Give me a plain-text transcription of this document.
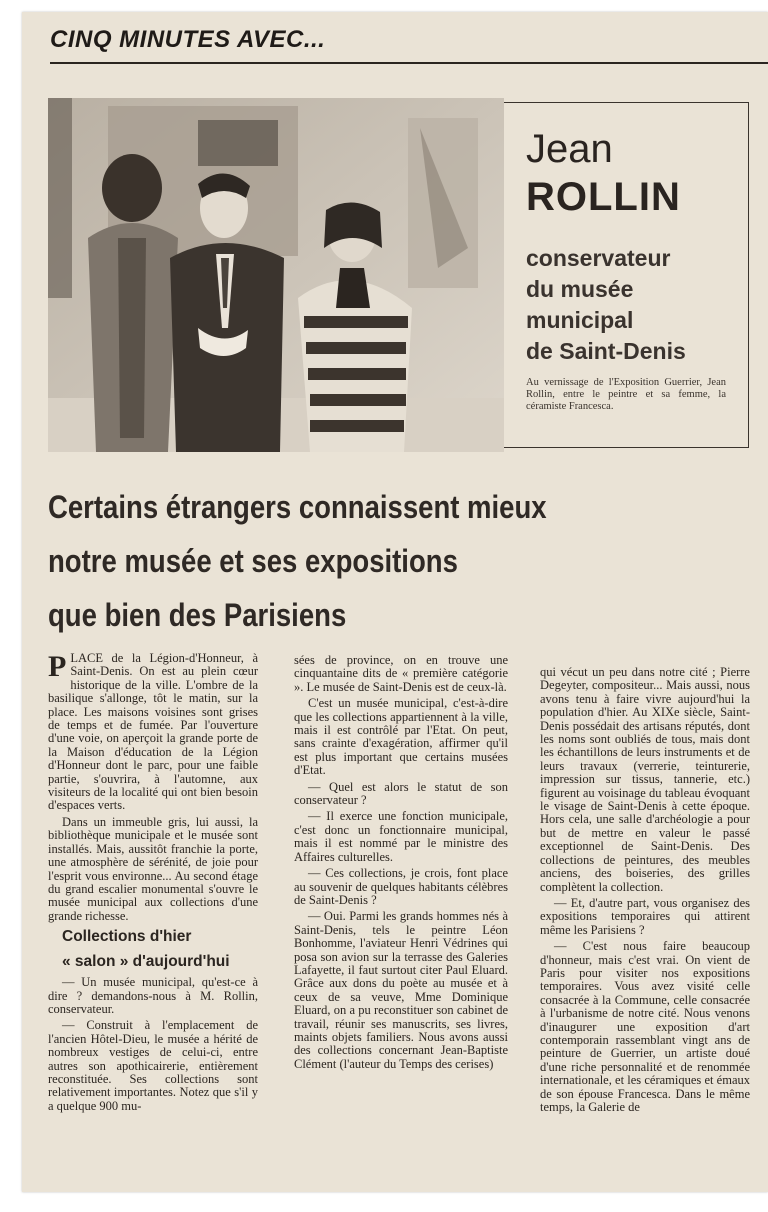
CINQ MINUTES AVEC...
Jean
ROLLIN
conservateur
du musée
municipal
de Saint-Denis
Au vernissage de l'Exposition Guerrier, Jean Rollin, entre le peintre et sa femme, la céramiste Francesca.
Certains étrangers connaissent mieux
notre musée et ses expositions
que bien des Parisiens

PLACE de la Légion-d'Honneur, à Saint-Denis. On est au plein cœur historique de la ville. L'ombre de la basilique s'allonge, tôt le matin, sur la place. Les maisons voisines sont grises de temps et de fumée. Par l'ouverture d'une voie, on aperçoit la grande porte de la Maison d'éducation de la Légion d'Honneur dont le parc, pour une faible partie, s'ouvrira, à l'automne, aux visiteurs de la localité qui ont bien besoin d'espaces verts.

Dans un immeuble gris, lui aussi, la bibliothèque municipale et le musée sont installés. Mais, aussitôt franchie la porte, une atmosphère de sérénité, de joie pour l'esprit vous environne... Au second étage du grand escalier monumental s'ouvre le musée municipal aux collections d'une grande richesse.

Collections d'hier

« salon » d'aujourd'hui

— Un musée municipal, qu'est-ce à dire ? demandons-nous à M. Rollin, conservateur.

— Construit à l'emplacement de l'ancien Hôtel-Dieu, le musée a hérité de nombreux vestiges de celui-ci, entre autres son apothicairerie, entièrement reconstituée. Ses collections sont relativement importantes. Notez que s'il y a quelque 900 mu-

sées de province, on en trouve une cinquantaine dits de « première catégorie ». Le musée de Saint-Denis est de ceux-là.

C'est un musée municipal, c'est-à-dire que les collections appartiennent à la ville, mais il est contrôlé par l'Etat. On peut, sans crainte d'exagération, affirmer qu'il est plus important que certains musées d'Etat.

— Quel est alors le statut de son conservateur ?

— Il exerce une fonction municipale, c'est donc un fonctionnaire municipal, mais il est nommé par le ministre des Affaires culturelles.

— Ces collections, je crois, font place au souvenir de quelques habitants célèbres de Saint-Denis ?

— Oui. Parmi les grands hommes nés à Saint-Denis, tels le peintre Léon Bonhomme, l'aviateur Henri Védrines qui posa son avion sur la terrasse des Galeries Lafayette, il faut surtout citer Paul Eluard. Grâce aux dons du poète au musée et à ceux de sa veuve, Mme Dominique Eluard, on a pu reconstituer son cabinet de travail, réunir ses manuscrits, ses livres, maints objets familiers. Nous avons aussi des collections concernant Jean-Baptiste Clément (l'auteur du Temps des cerises)

qui vécut un peu dans notre cité ; Pierre Degeyter, compositeur... Mais aussi, nous avons tenu à faire vivre aujourd'hui la population d'hier. Au XIXe siècle, Saint-Denis possédait des artisans réputés, dont les noms sont oubliés de tous, mais dont les échantillons de leurs instruments et de leurs travaux (verrerie, teinturerie, impression sur tissus, tannerie, etc.) figurent au voisinage du tableau évoquant le visage de Saint-Denis à cette époque. Hors cela, une salle d'archéologie a pour but de mettre en valeur le passé exceptionnel de Saint-Denis. Des collections de peintures, des meubles anciens, des boiseries, des grilles complètent la collection.

— Et, d'autre part, vous organisez des expositions temporaires qui attirent même les Parisiens ?

— C'est nous faire beaucoup d'honneur, mais c'est vrai. On vient de Paris pour visiter nos expositions temporaires. Vous avez visité celle consacrée à la Commune, celle consacrée à l'urbanisme de notre cité. Nous venons d'inaugurer une exposition d'art contemporain rassemblant vingt ans de peinture de Guerrier, un artiste doué d'une riche personnalité et de renommée internationale, et les céramiques et émaux de son épouse Francesca. Dans le même temps, la Galerie de
